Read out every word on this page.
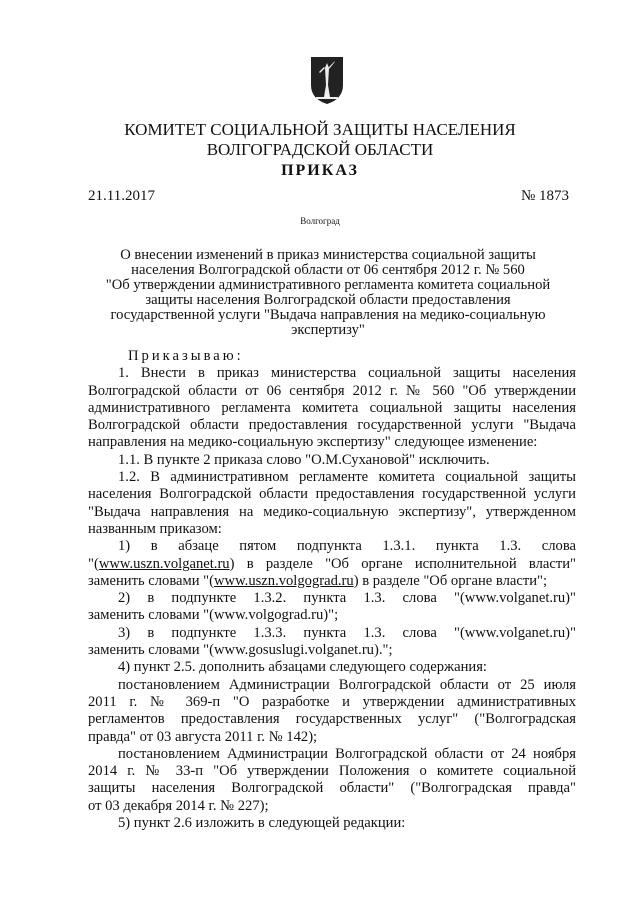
КОМИТЕТ СОЦИАЛЬНОЙ ЗАЩИТЫ НАСЕЛЕНИЯ
ВОЛГОГРАДСКОЙ ОБЛАСТИ
ПРИКАЗ
21.11.2017	№ 1873
Волгоград
О внесении изменений в приказ министерства социальной защиты
населения Волгоградской области от 06 сентября 2012 г. № 560
"Об утверждении административного регламента комитета социальной
защиты населения Волгоградской области предоставления
государственной услуги "Выдача направления на медико-социальную
экспертизу"
Приказываю:
1. Внести в приказ министерства социальной защиты населения
Волгоградской области от 06 сентября 2012 г. № 560 "Об утверждении
административного регламента комитета социальной защиты населения
Волгоградской области предоставления государственной услуги "Выдача
направления на медико-социальную экспертизу" следующее изменение:
1.1. В пункте 2 приказа слово "О.М.Сухановой" исключить.
1.2. В административном регламенте комитета социальной защиты
населения Волгоградской области предоставления государственной услуги
"Выдача направления на медико-социальную экспертизу", утвержденном
названным приказом:
1) в абзаце пятом подпункта 1.3.1. пункта 1.3. слова
"(www.uszn.volganet.ru) в разделе "Об органе исполнительной власти"
заменить словами "(www.uszn.volgograd.ru) в разделе "Об органе власти";
2) в подпункте 1.3.2. пункта 1.3. слова "(www.volganet.ru)"
заменить словами "(www.volgograd.ru)";
3) в подпункте 1.3.3. пункта 1.3. слова "(www.volganet.ru)"
заменить словами "(www.gosuslugi.volganet.ru).";
4) пункт 2.5. дополнить абзацами следующего содержания:
постановлением Администрации Волгоградской области от 25 июля
2011 г. № 369-п "О разработке и утверждении административных
регламентов предоставления государственных услуг" ("Волгоградская
правда" от 03 августа 2011 г. № 142);
постановлением Администрации Волгоградской области от 24 ноября
2014 г. № 33-п "Об утверждении Положения о комитете социальной
защиты населения Волгоградской области" ("Волгоградская правда"
от 03 декабря 2014 г. № 227);
5) пункт 2.6 изложить в следующей редакции:
